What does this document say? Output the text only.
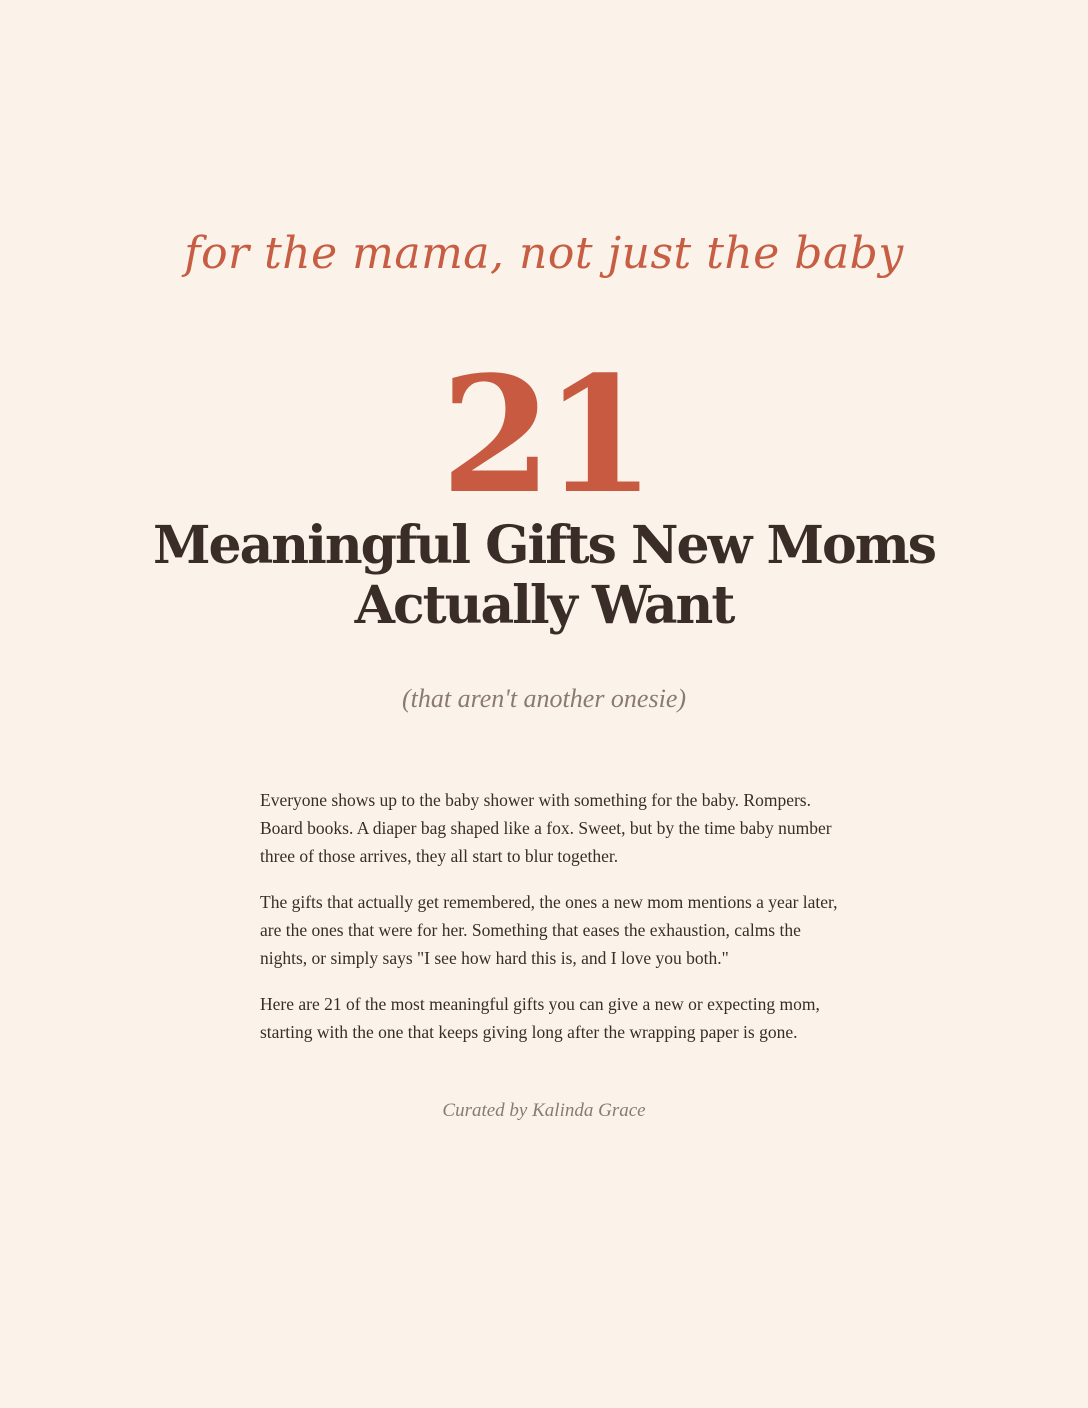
for the mama, not just the baby
21
Meaningful Gifts New Moms
Actually Want
(that aren't another onesie)

Everyone shows up to the baby shower with something for the baby. Rompers. Board books. A diaper bag shaped like a fox. Sweet, but by the time baby number three of those arrives, they all start to blur together.

The gifts that actually get remembered, the ones a new mom mentions a year later, are the ones that were for her. Something that eases the exhaustion, calms the nights, or simply says "I see how hard this is, and I love you both."

Here are 21 of the most meaningful gifts you can give a new or expecting mom, starting with the one that keeps giving long after the wrapping paper is gone.

Curated by Kalinda Grace
